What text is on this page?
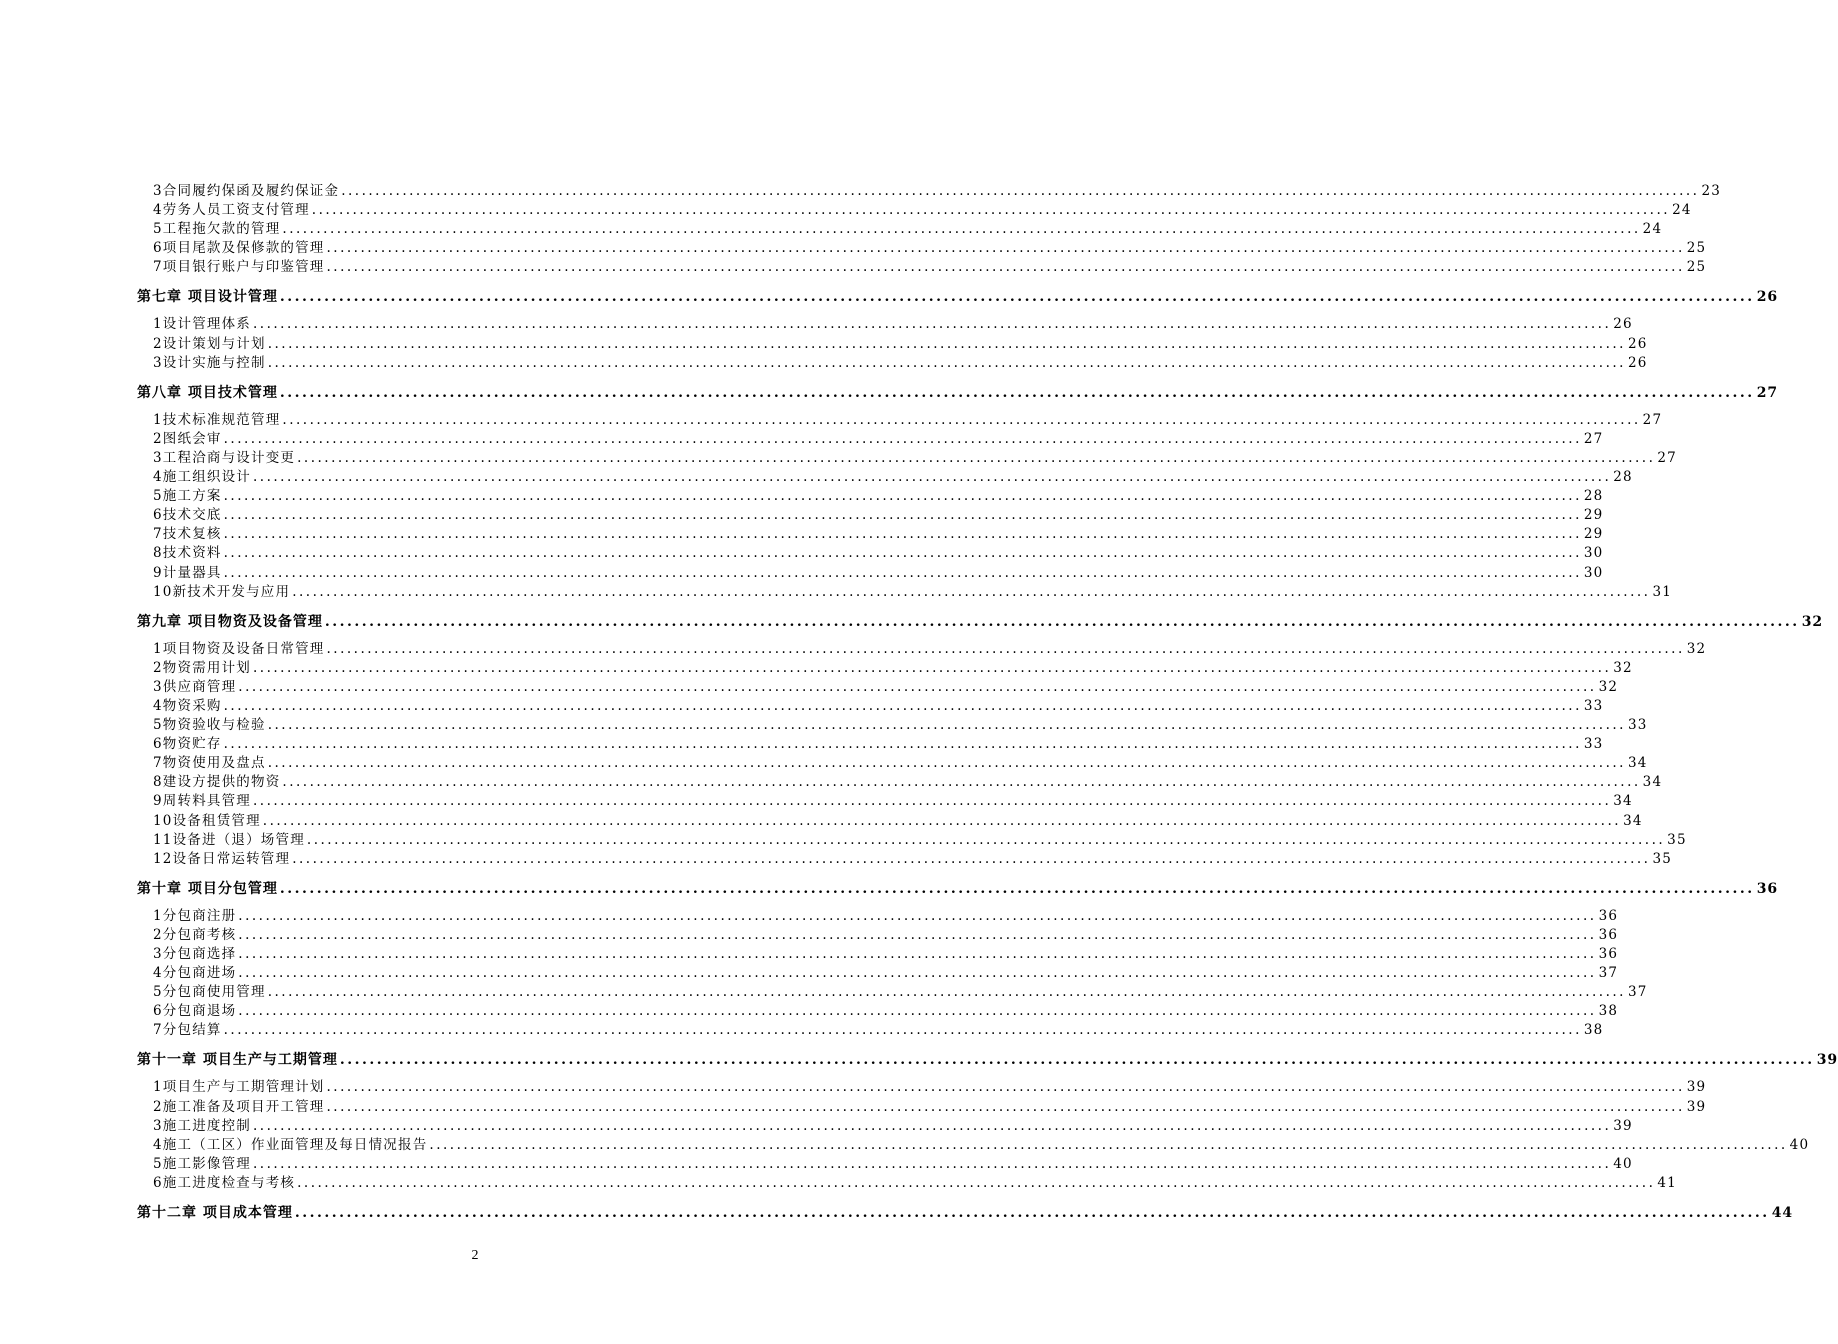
3 合同履约保函及履约保证金 ........................................................................................................................................................................................................ 23
4 劳务人员工资支付管理 ........................................................................................................................................................................................................ 24
5 工程拖欠款的管理 ........................................................................................................................................................................................................ 24
6 项目尾款及保修款的管理 ........................................................................................................................................................................................................ 25
7 项目银行账户与印鉴管理 ........................................................................................................................................................................................................ 25
第七章 项目设计管理 ........................................................................................................................................................................................................ 26
1 设计管理体系 ........................................................................................................................................................................................................ 26
2 设计策划与计划 ........................................................................................................................................................................................................ 26
3 设计实施与控制 ........................................................................................................................................................................................................ 26
第八章 项目技术管理 ........................................................................................................................................................................................................ 27
1 技术标准规范管理 ........................................................................................................................................................................................................ 27
2 图纸会审 ........................................................................................................................................................................................................ 27
3 工程洽商与设计变更 ........................................................................................................................................................................................................ 27
4 施工组织设计 ........................................................................................................................................................................................................ 28
5 施工方案 ........................................................................................................................................................................................................ 28
6 技术交底 ........................................................................................................................................................................................................ 29
7 技术复核 ........................................................................................................................................................................................................ 29
8 技术资料 ........................................................................................................................................................................................................ 30
9 计量器具 ........................................................................................................................................................................................................ 30
10 新技术开发与应用 ........................................................................................................................................................................................................ 31
第九章 项目物资及设备管理 ........................................................................................................................................................................................................ 32
1 项目物资及设备日常管理 ........................................................................................................................................................................................................ 32
2 物资需用计划 ........................................................................................................................................................................................................ 32
3 供应商管理 ........................................................................................................................................................................................................ 32
4 物资采购 ........................................................................................................................................................................................................ 33
5 物资验收与检验 ........................................................................................................................................................................................................ 33
6 物资贮存 ........................................................................................................................................................................................................ 33
7 物资使用及盘点 ........................................................................................................................................................................................................ 34
8 建设方提供的物资 ........................................................................................................................................................................................................ 34
9 周转料具管理 ........................................................................................................................................................................................................ 34
10 设备租赁管理 ........................................................................................................................................................................................................ 34
11 设备进（退）场管理 ........................................................................................................................................................................................................ 35
12 设备日常运转管理 ........................................................................................................................................................................................................ 35
第十章 项目分包管理 ........................................................................................................................................................................................................ 36
1 分包商注册 ........................................................................................................................................................................................................ 36
2 分包商考核 ........................................................................................................................................................................................................ 36
3 分包商选择 ........................................................................................................................................................................................................ 36
4 分包商进场 ........................................................................................................................................................................................................ 37
5 分包商使用管理 ........................................................................................................................................................................................................ 37
6 分包商退场 ........................................................................................................................................................................................................ 38
7 分包结算 ........................................................................................................................................................................................................ 38
第十一章 项目生产与工期管理 ........................................................................................................................................................................................................ 39
1 项目生产与工期管理计划 ........................................................................................................................................................................................................ 39
2 施工准备及项目开工管理 ........................................................................................................................................................................................................ 39
3 施工进度控制 ........................................................................................................................................................................................................ 39
4 施工（工区）作业面管理及每日情况报告 ........................................................................................................................................................................................................ 40
5 施工影像管理 ........................................................................................................................................................................................................ 40
6 施工进度检查与考核 ........................................................................................................................................................................................................ 41
第十二章 项目成本管理 ........................................................................................................................................................................................................ 44
2
